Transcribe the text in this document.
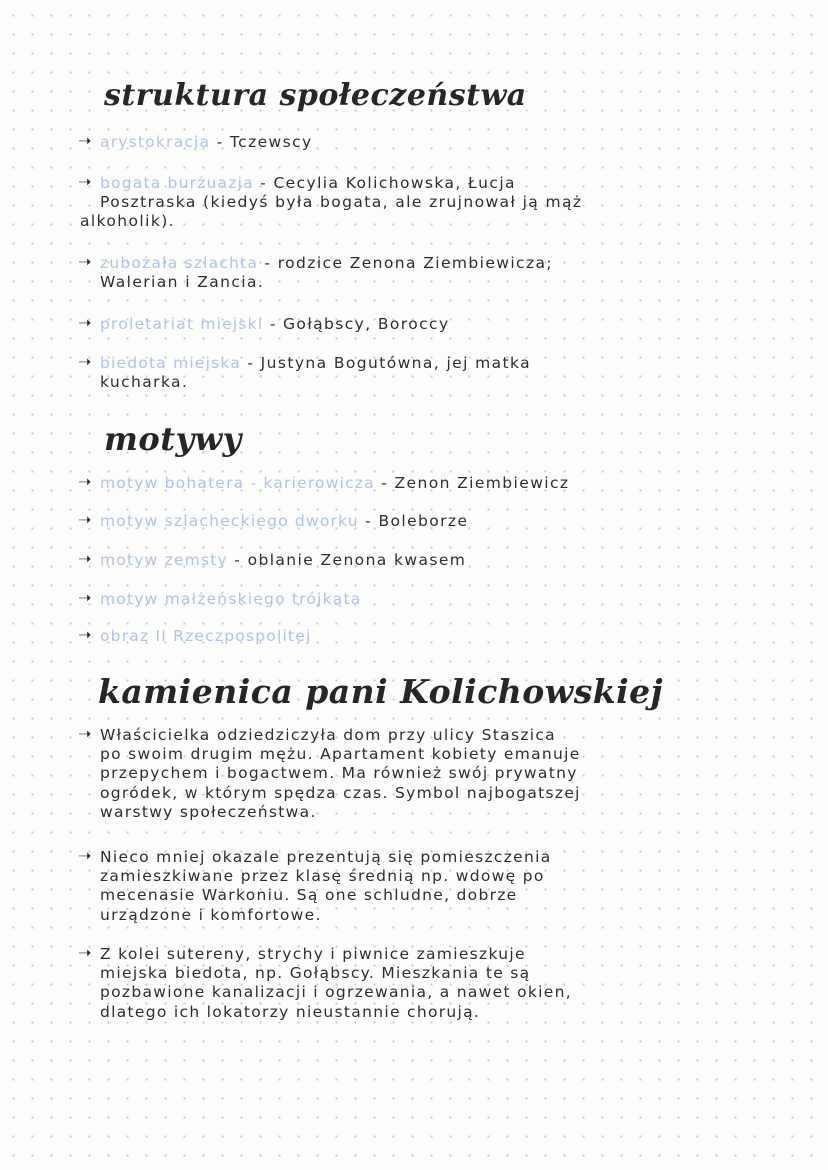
struktura społeczeństwa
➝ arystokracja - Tczewscy
➝ bogata burżuazja - Cecylia Kolichowska, Łucja
Posztraska (kiedyś była bogata, ale zrujnował ją mąż
alkoholik).
➝ zubożała szlachta - rodzice Zenona Ziembiewicza;
Walerian i Zancia.
➝ proletariat miejski - Gołąbscy, Boroccy
➝ biedota miejska - Justyna Bogutówna, jej matka
kucharka.
motywy
➝ motyw bohatera - karierowicza - Zenon Ziembiewicz
➝ motyw szlacheckiego dworku - Boleborze
➝ motyw zemsty - oblanie Zenona kwasem
➝ motyw małżeńskiego trójkąta
➝ obraz II Rzeczpospolitej
kamienica pani Kolichowskiej
➝ Właścicielka odziedziczyła dom przy ulicy Staszica
po swoim drugim mężu. Apartament kobiety emanuje
przepychem i bogactwem. Ma również swój prywatny
ogródek, w którym spędza czas. Symbol najbogatszej
warstwy społeczeństwa.
➝ Nieco mniej okazale prezentują się pomieszczenia
zamieszkiwane przez klasę średnią np. wdowę po
mecenasie Warkoniu. Są one schludne, dobrze
urządzone i komfortowe.
➝ Z kolei sutereny, strychy i piwnice zamieszkuje
miejska biedota, np. Gołąbscy. Mieszkania te są
pozbawione kanalizacji i ogrzewania, a nawet okien,
dlatego ich lokatorzy nieustannie chorują.
